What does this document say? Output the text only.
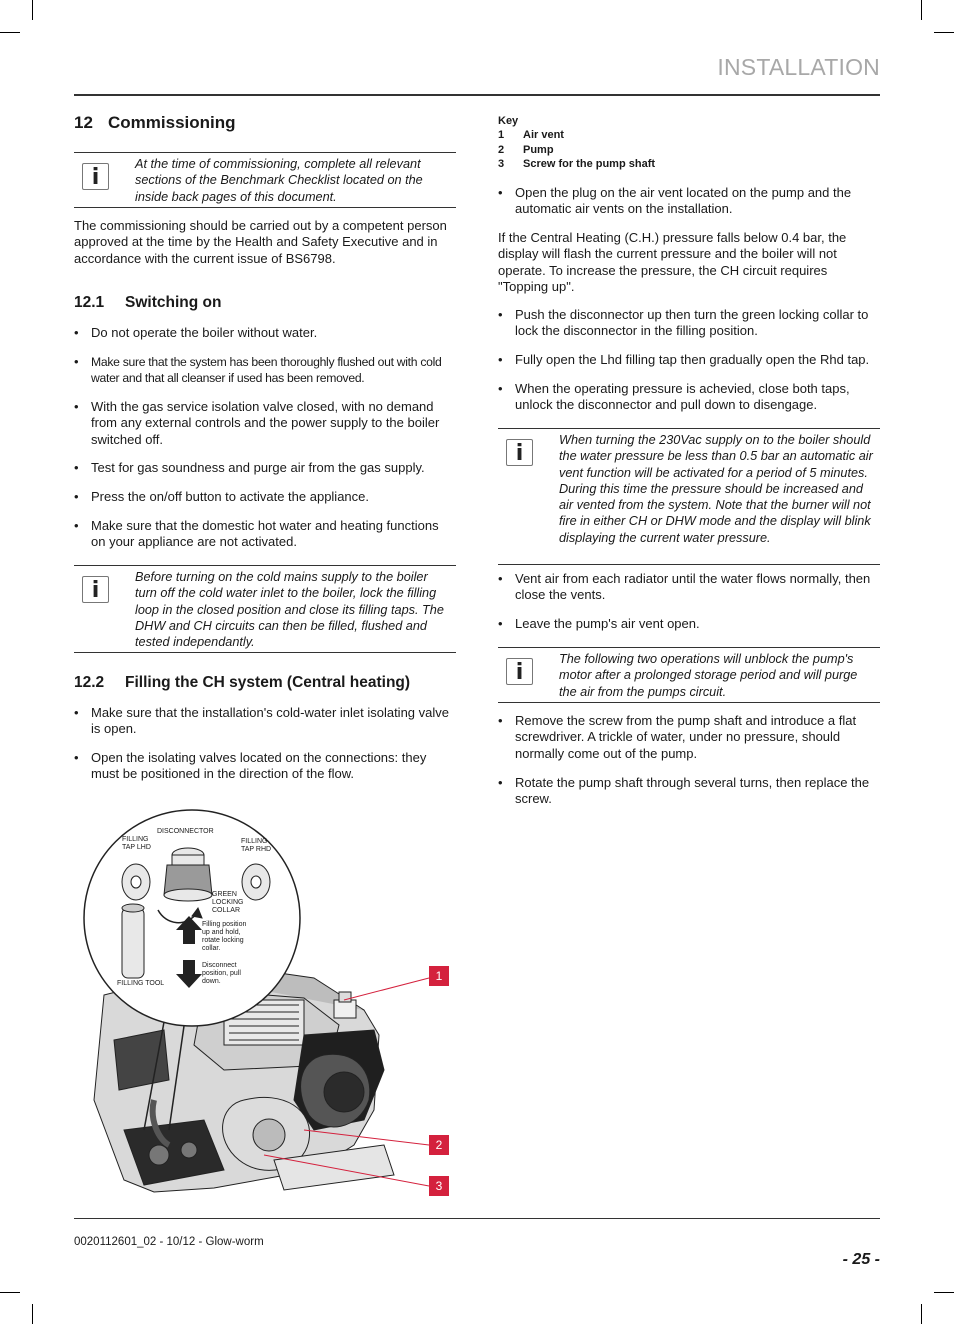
INSTALLATION
12 Commissioning
i
At the time of commissioning, complete all relevant sections of the Benchmark Checklist located on the inside back pages of this document.

The commissioning should be carried out by a competent person approved at the time by the Health and Safety Executive and in accordance with the current issue of BS6798.

12.1 Switching on
• Do not operate the boiler without water.
• Make sure that the system has been thoroughly flushed out with cold water and that all cleanser if used has been removed.
• With the gas service isolation valve closed, with no demand from any external controls and the power supply to the boiler switched off.
• Test for gas soundness and purge air from the gas supply.
• Press the on/off button to activate the appliance.
• Make sure that the domestic hot water and heating functions on your appliance are not activated.
i
Before turning on the cold mains supply to the boiler turn off the cold water inlet to the boiler, lock the filling loop in the closed position and close its filling taps. The DHW and CH circuits can then be filled, flushed and tested independantly.
12.2 Filling the CH system (Central heating)
• Make sure that the installation's cold-water inlet isolating valve is open.
• Open the isolating valves located on the connections: they must be positioned in the direction of the flow.
DISCONNECTOR
FILLING
TAP LHD
FILLING
TAP RHD
GREEN
LOCKING
COLLAR
Filling position
up and hold,
rotate locking
collar.
Disconnect
position, pull
down.
FILLING TOOL
1
2
3
Key
1 Air vent
2 Pump
3 Screw for the pump shaft
• Open the plug on the air vent located on the pump and the automatic air vents on the installation.

If the Central Heating (C.H.) pressure falls below 0.4 bar, the display will flash the current pressure and the boiler will not operate. To increase the pressure, the CH circuit requires "Topping up".

• Push the disconnector up then turn the green locking collar to lock the disconnector in the filling position.
• Fully open the Lhd filling tap then gradually open the Rhd tap.
• When the operating pressure is achevied, close both taps, unlock the disconnector and pull down to disengage.
i
When turning the 230Vac supply on to the boiler should the water pressure be less than 0.5 bar an automatic air vent function will be activated for a period of 5 minutes. During this time the pressure should be increased and air vented from the system. Note that the burner will not fire in either CH or DHW mode and the display will blink displaying the current water pressure.
• Vent air from each radiator until the water flows normally, then close the vents.
• Leave the pump's air vent open.
i
The following two operations will unblock the pump's motor after a prolonged storage period and will purge the air from the pumps circuit.
• Remove the screw from the pump shaft and introduce a flat screwdriver. A trickle of water, under no pressure, should normally come out of the pump.
• Rotate the pump shaft through several turns, then replace the screw.
0020112601_02 - 10/12 - Glow-worm
- 25 -
